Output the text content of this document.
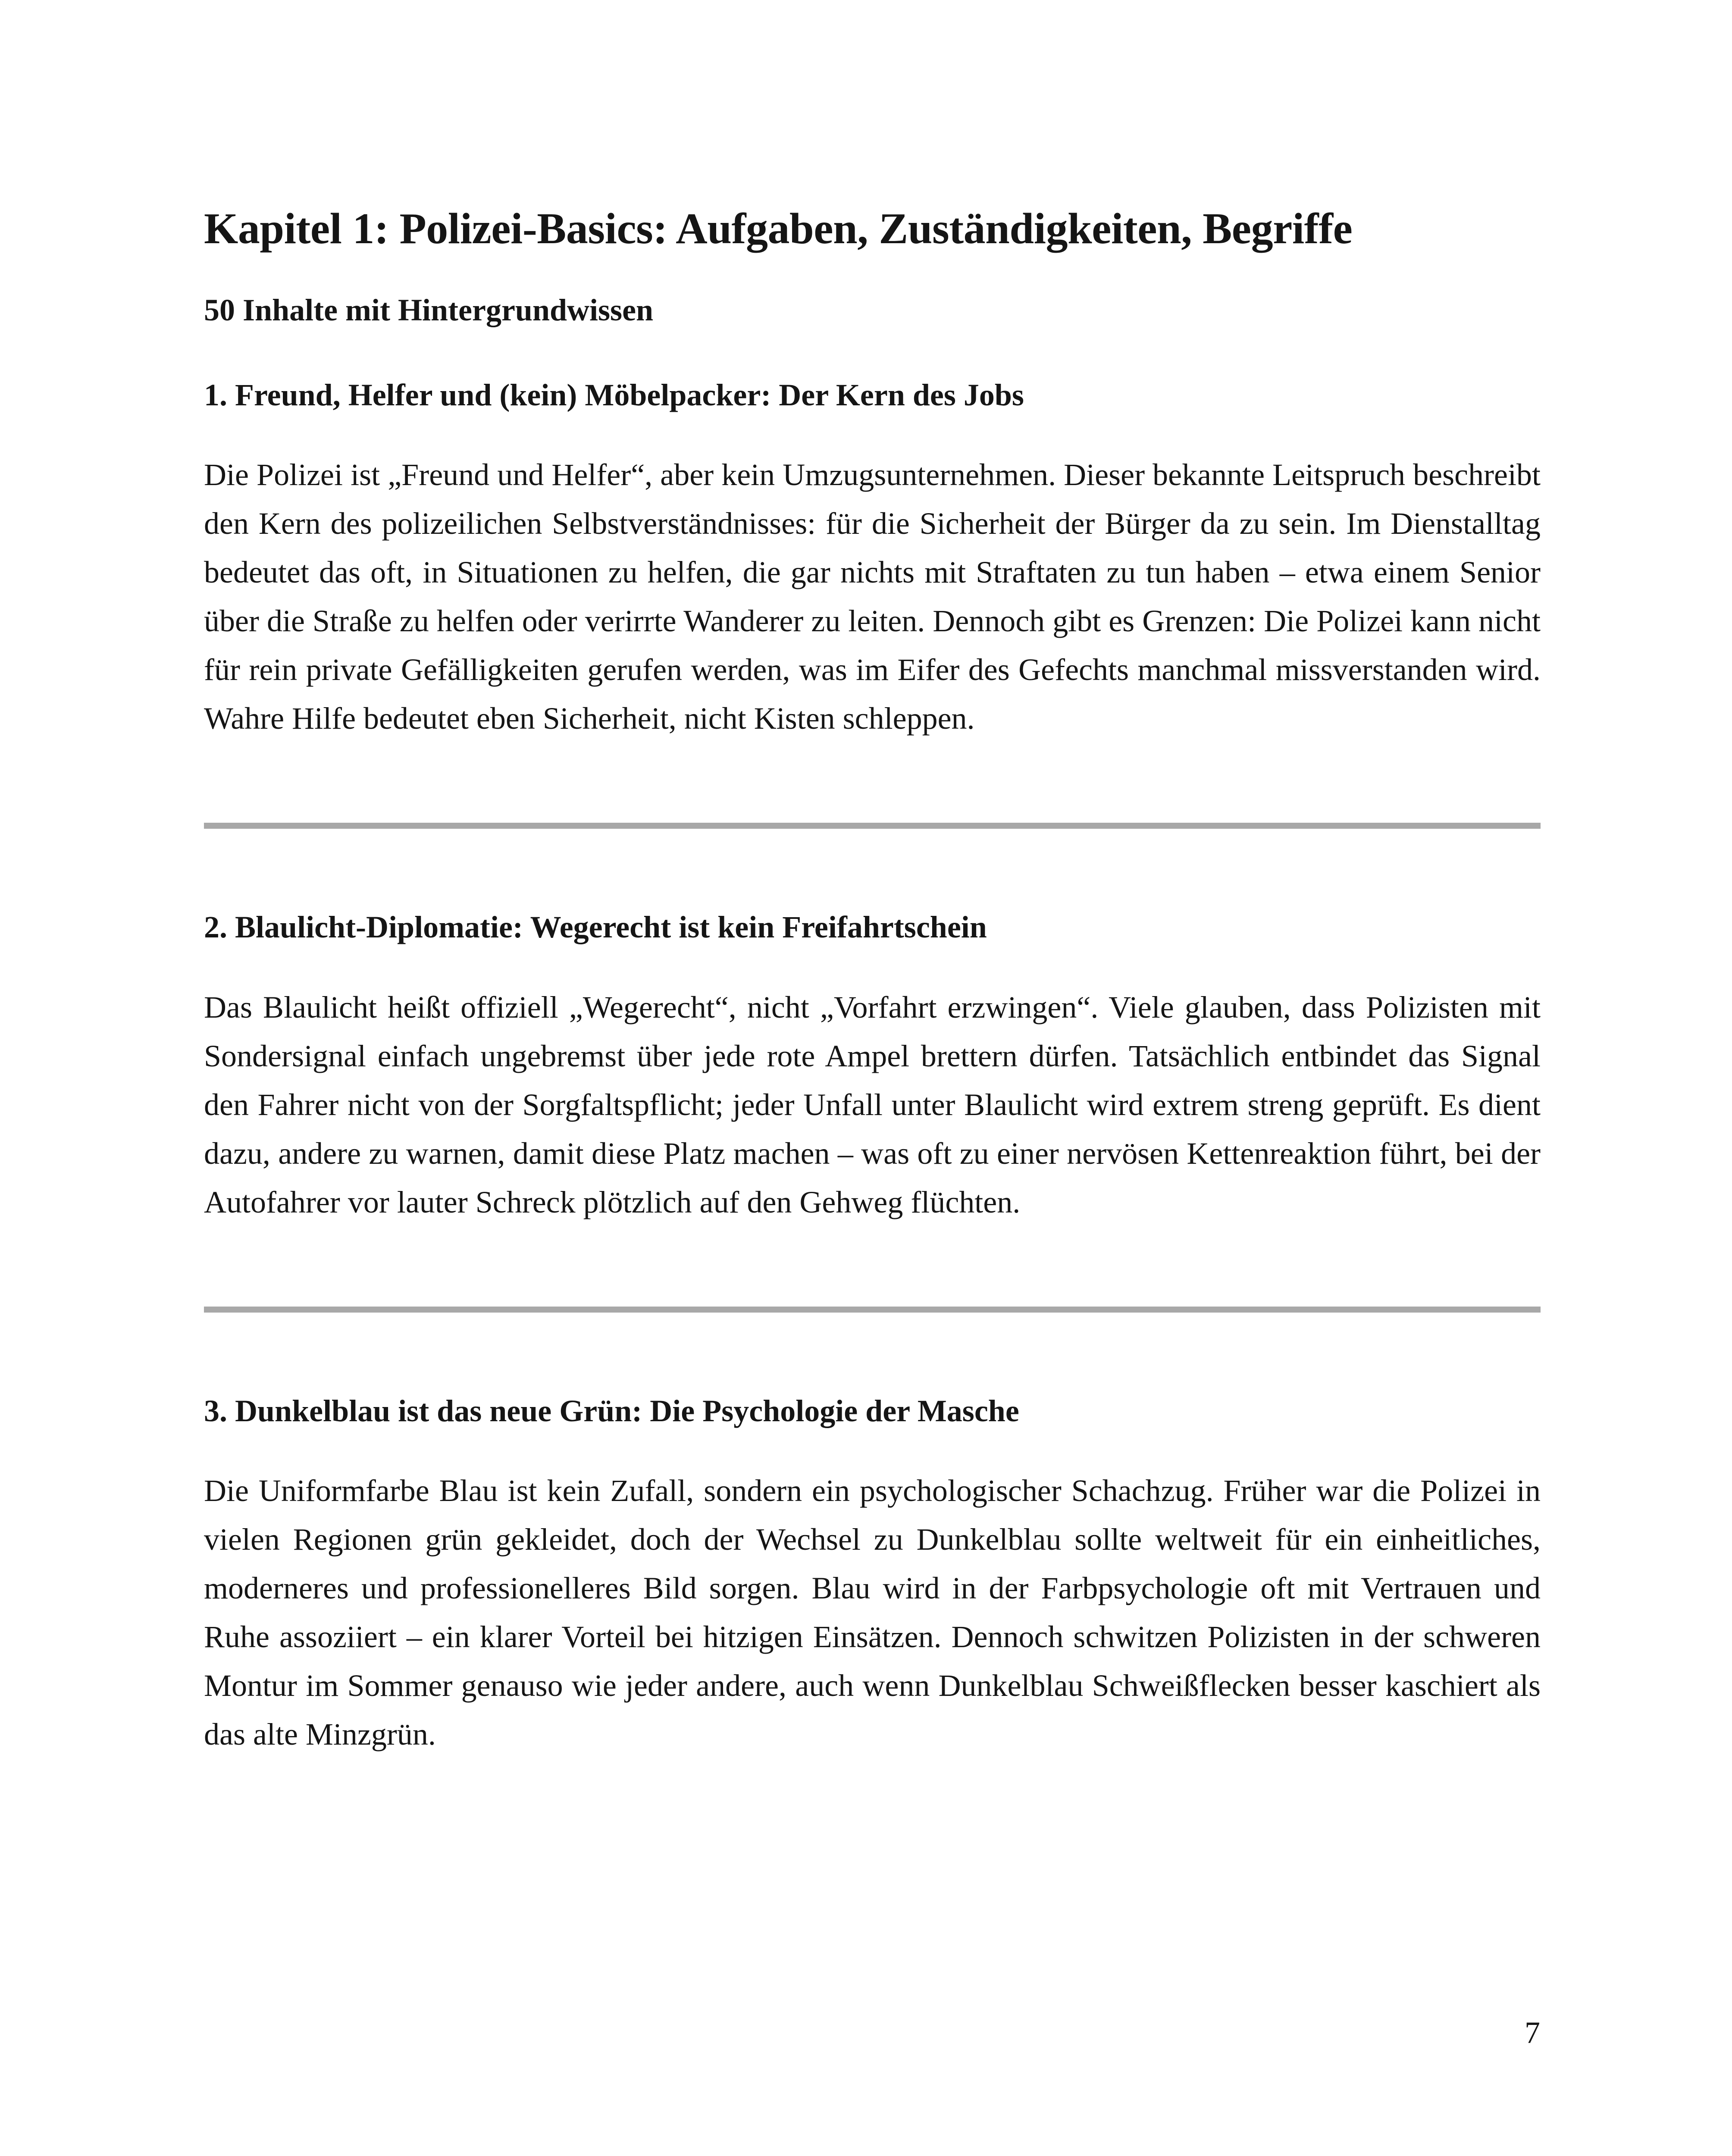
Kapitel 1: Polizei-Basics: Aufgaben, Zuständigkeiten, Begriffe
50 Inhalte mit Hintergrundwissen
1. Freund, Helfer und (kein) Möbelpacker: Der Kern des Jobs

Die Polizei ist „Freund und Helfer“, aber kein Umzugsunternehmen. Dieser bekannte Leitspruch beschreibt den Kern des polizeilichen Selbstverständnisses: für die Sicherheit der Bürger da zu sein. Im Dienstalltag bedeutet das oft, in Situationen zu helfen, die gar nichts mit Straftaten zu tun haben – etwa einem Senior über die Straße zu helfen oder verirrte Wanderer zu leiten. Dennoch gibt es Grenzen: Die Polizei kann nicht für rein private Gefälligkeiten gerufen werden, was im Eifer des Gefechts manchmal missverstanden wird. Wahre Hilfe bedeutet eben Sicherheit, nicht Kisten schleppen.

2. Blaulicht-Diplomatie: Wegerecht ist kein Freifahrtschein

Das Blaulicht heißt offiziell „Wegerecht“, nicht „Vorfahrt erzwingen“. Viele glauben, dass Polizisten mit Sondersignal einfach ungebremst über jede rote Ampel brettern dürfen. Tatsächlich entbindet das Signal den Fahrer nicht von der Sorgfaltspflicht; jeder Unfall unter Blaulicht wird extrem streng geprüft. Es dient dazu, andere zu warnen, damit diese Platz machen – was oft zu einer nervösen Kettenreaktion führt, bei der Autofahrer vor lauter Schreck plötzlich auf den Gehweg flüchten.

3. Dunkelblau ist das neue Grün: Die Psychologie der Masche

Die Uniformfarbe Blau ist kein Zufall, sondern ein psychologischer Schachzug. Früher war die Polizei in vielen Regionen grün gekleidet, doch der Wechsel zu Dunkelblau sollte weltweit für ein einheitliches, moderneres und professionelleres Bild sorgen. Blau wird in der Farbpsychologie oft mit Vertrauen und Ruhe assoziiert – ein klarer Vorteil bei hitzigen Einsätzen. Dennoch schwitzen Polizisten in der schweren Montur im Sommer genauso wie jeder andere, auch wenn Dunkelblau Schweißflecken besser kaschiert als das alte Minzgrün.

7
